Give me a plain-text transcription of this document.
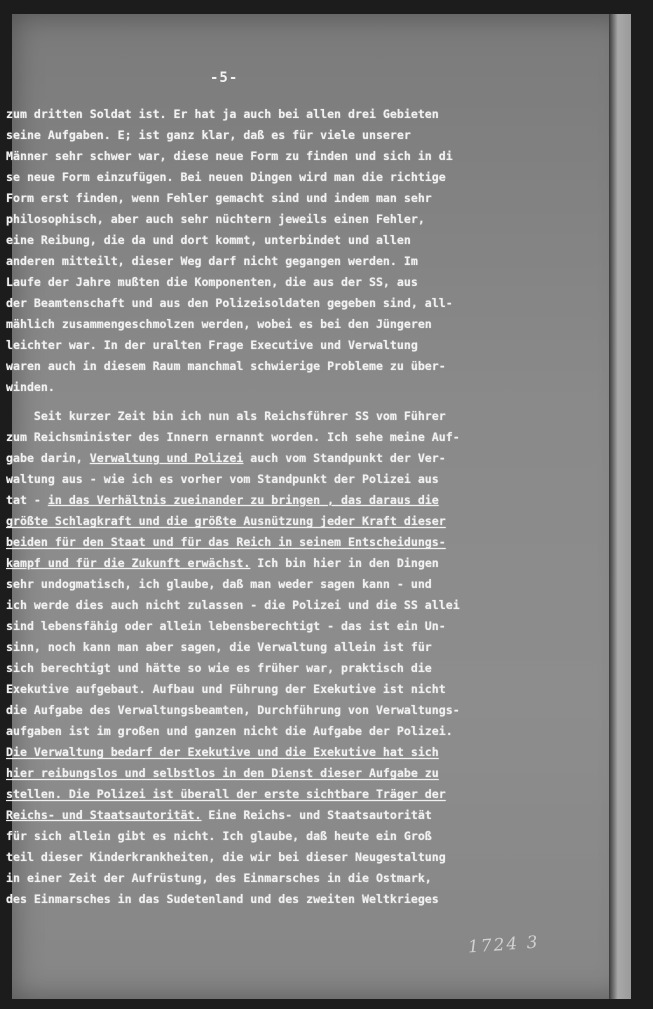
-5-
zum dritten Soldat ist. Er hat ja auch bei allen drei Gebieten
seine Aufgaben. E; ist ganz klar, daß es für viele unserer
Männer sehr schwer war, diese neue Form zu finden und sich in di
se neue Form einzufügen. Bei neuen Dingen wird man die richtige
Form erst finden, wenn Fehler gemacht sind und indem man sehr
philosophisch, aber auch sehr nüchtern jeweils einen Fehler,
eine Reibung, die da und dort kommt, unterbindet und allen
anderen mitteilt, dieser Weg darf nicht gegangen werden. Im
Laufe der Jahre mußten die Komponenten, die aus der SS, aus
der Beamtenschaft und aus den Polizeisoldaten gegeben sind, all-
mählich zusammengeschmolzen werden, wobei es bei den Jüngeren
leichter war. In der uralten Frage Executive und Verwaltung
waren auch in diesem Raum manchmal schwierige Probleme zu über-
winden.
Seit kurzer Zeit bin ich nun als Reichsführer SS vom Führer
zum Reichsminister des Innern ernannt worden. Ich sehe meine Auf-
gabe darin, Verwaltung und Polizei auch vom Standpunkt der Ver-
waltung aus - wie ich es vorher vom Standpunkt der Polizei aus
tat - in das Verhältnis zueinander zu bringen , das daraus die
größte Schlagkraft und die größte Ausnützung jeder Kraft dieser
beiden für den Staat und für das Reich in seinem Entscheidungs-
kampf und für die Zukunft erwächst. Ich bin hier in den Dingen
sehr undogmatisch, ich glaube, daß man weder sagen kann - und
ich werde dies auch nicht zulassen - die Polizei und die SS allei
sind lebensfähig oder allein lebensberechtigt - das ist ein Un-
sinn, noch kann man aber sagen, die Verwaltung allein ist für
sich berechtigt und hätte so wie es früher war, praktisch die
Exekutive aufgebaut. Aufbau und Führung der Exekutive ist nicht
die Aufgabe des Verwaltungsbeamten, Durchführung von Verwaltungs-
aufgaben ist im großen und ganzen nicht die Aufgabe der Polizei.
Die Verwaltung bedarf der Exekutive und die Exekutive hat sich
hier reibungslos und selbstlos in den Dienst dieser Aufgabe zu
stellen. Die Polizei ist überall der erste sichtbare Träger der
Reichs- und Staatsautorität. Eine Reichs- und Staatsautorität
für sich allein gibt es nicht. Ich glaube, daß heute ein Groß
teil dieser Kinderkrankheiten, die wir bei dieser Neugestaltung
in einer Zeit der Aufrüstung, des Einmarsches in die Ostmark,
des Einmarsches in das Sudetenland und des zweiten Weltkrieges
1724 3
